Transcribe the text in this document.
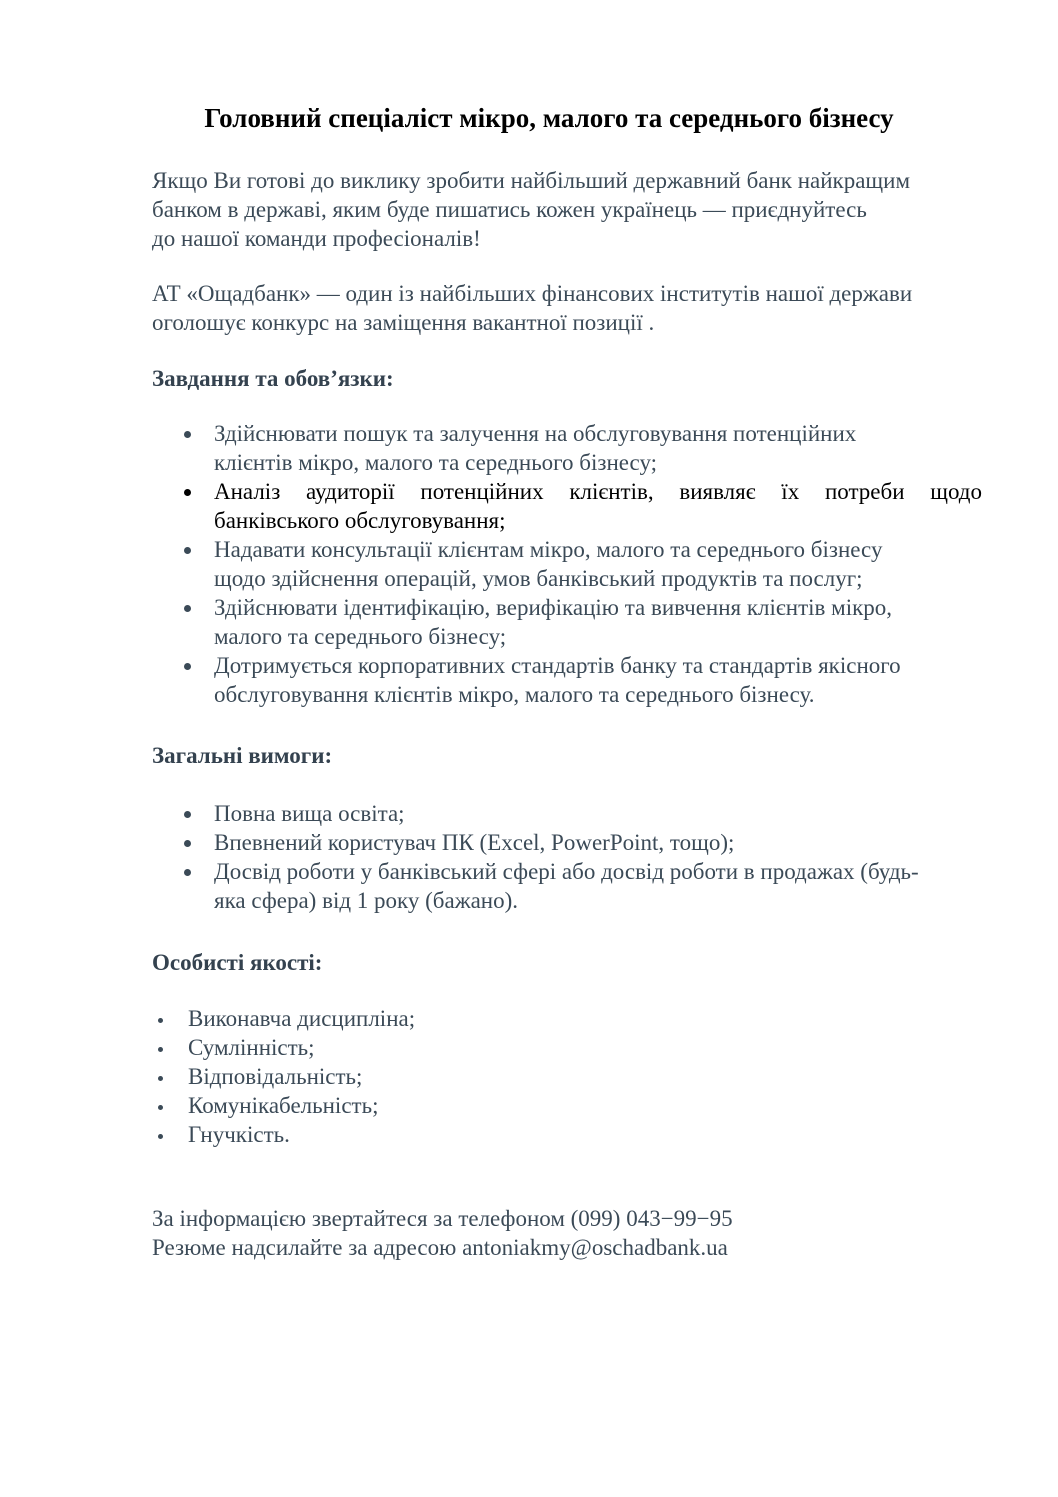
Головний спеціаліст мікро, малого та середнього бізнесу
Якщо Ви готові до виклику зробити найбільший державний банк найкращим
банком в державі, яким буде пишатись кожен українець — приєднуйтесь
до нашої команди професіоналів!
АТ «Ощадбанк» — один із найбільших фінансових інститутів нашої держави
оголошує конкурс на заміщення вакантної позиції .
Завдання та обов’язки:
Здійснювати пошук та залучення на обслуговування потенційних
клієнтів мікро, малого та середнього бізнесу;
Аналіз аудиторії потенційних клієнтів, виявляє їх потреби щодо
банківського обслуговування;
Надавати консультації клієнтам мікро, малого та середнього бізнесу
щодо здійснення операцій, умов банківський продуктів та послуг;
Здійснювати ідентифікацію, верифікацію та вивчення клієнтів мікро,
малого та середнього бізнесу;
Дотримується корпоративних стандартів банку та стандартів якісного
обслуговування клієнтів мікро, малого та середнього бізнесу.
Загальні вимоги:
Повна вища освіта;
Впевнений користувач ПК (Excel, PowerPoint, тощо);
Досвід роботи у банківський сфері або досвід роботи в продажах (будь-
яка сфера) від 1 року (бажано).
Особисті якості:
Виконавча дисципліна;
Сумлінність;
Відповідальність;
Комунікабельність;
Гнучкість.
За інформацією звертайтеся за телефоном (099) 043−99−95
Резюме надсилайте за адресою antoniakmy@oschadbank.ua
